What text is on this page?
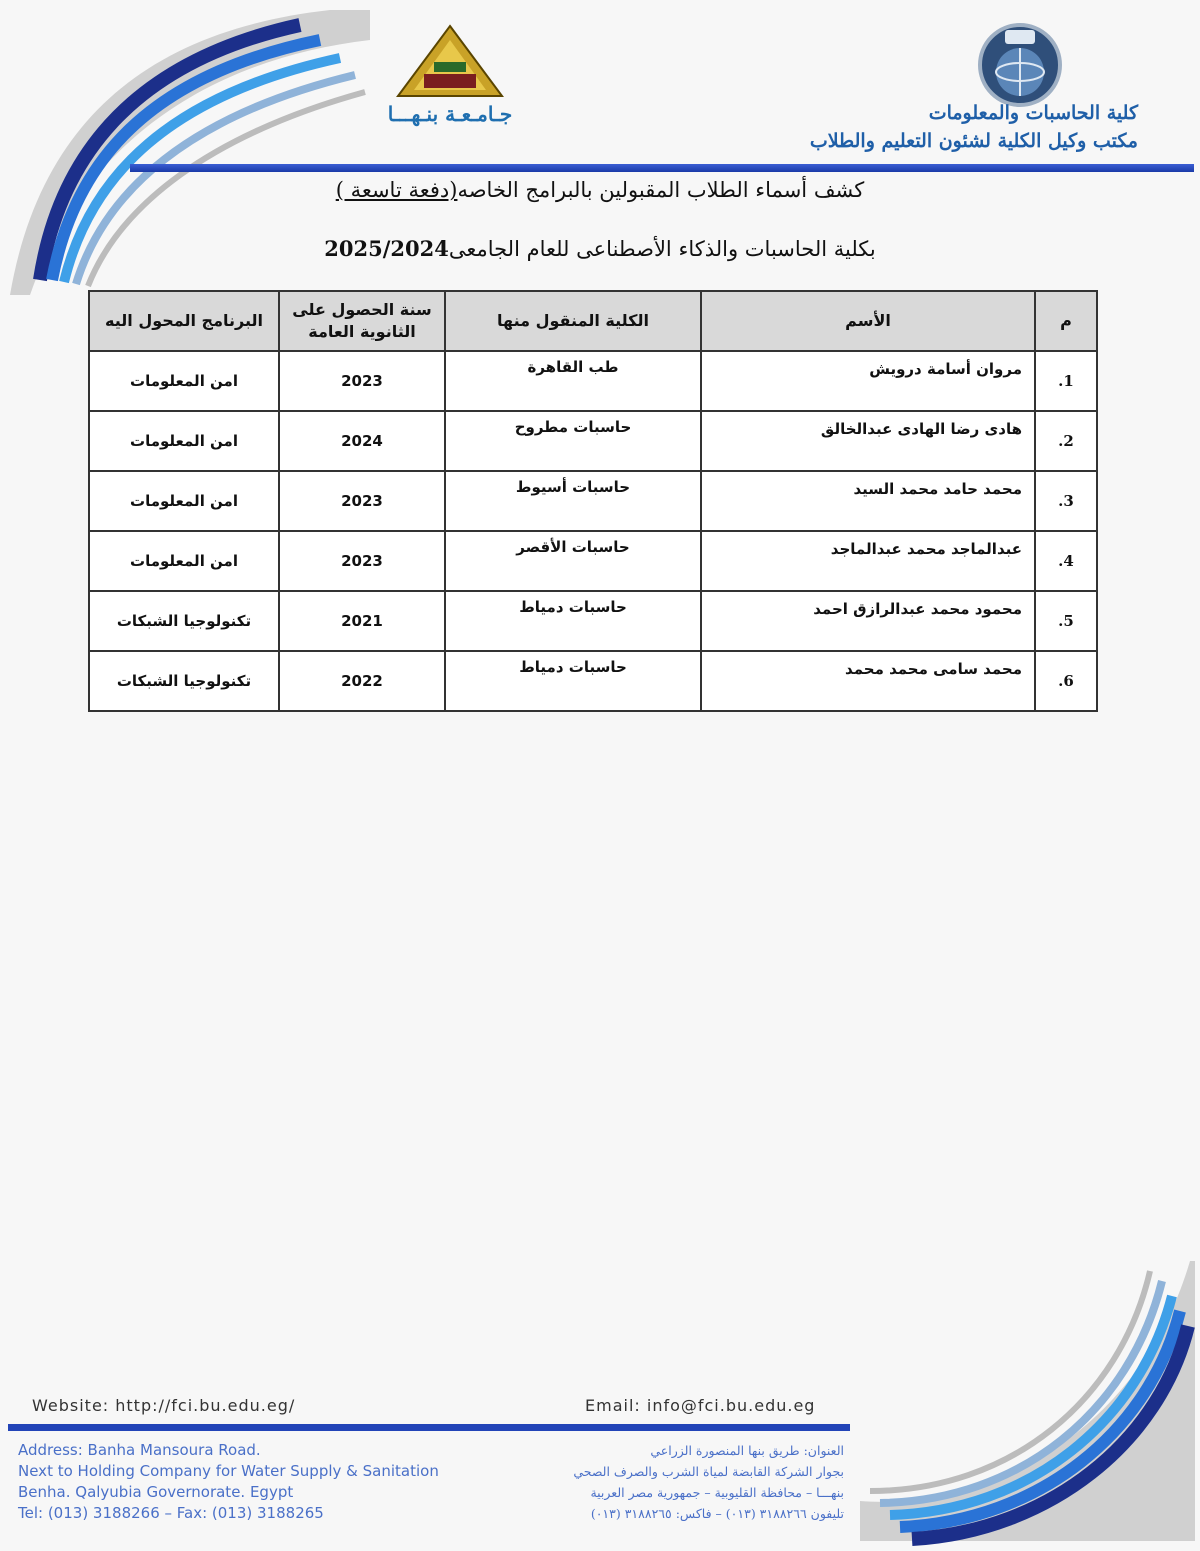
جـامـعـة بنـهـــا	كلية الحاسبات والمعلومات
مكتب وكيل الكلية لشئون التعليم والطلاب
كشف أسماء الطلاب المقبولين بالبرامج الخاصه(دفعة تاسعة )
بكلية الحاسبات والذكاء الأصطناعى للعام الجامعى2025/2024
م	الأسم	الكلية المنقول منها	سنة الحصول على الثانوية العامة	البرنامج المحول اليه
1.	مروان أسامة درويش	طب القاهرة	2023	امن المعلومات
2.	هادى رضا الهادى عبدالخالق	حاسبات مطروح	2024	امن المعلومات
3.	محمد حامد محمد السيد	حاسبات أسيوط	2023	امن المعلومات
4.	عبدالماجد محمد عبدالماجد	حاسبات الأقصر	2023	امن المعلومات
5.	محمود محمد عبدالرازق احمد	حاسبات دمياط	2021	تكنولوجيا الشبكات
6.	محمد سامى محمد محمد	حاسبات دمياط	2022	تكنولوجيا الشبكات
Website: http://fci.bu.edu.eg/	Email: info@fci.bu.edu.eg
Address: Banha Mansoura Road.
Next to Holding Company for Water Supply & Sanitation
Benha. Qalyubia Governorate. Egypt
Tel: (013) 3188266 – Fax: (013) 3188265
العنوان: طريق بنها المنصورة الزراعي
بجوار الشركة القابضة لمياة الشرب والصرف الصحي
بنهـــا – محافظة القليوبية – جمهورية مصر العربية
تليفون ٣١٨٨٢٦٦ (٠١٣) – فاكس: ٣١٨٨٢٦٥ (٠١٣)
